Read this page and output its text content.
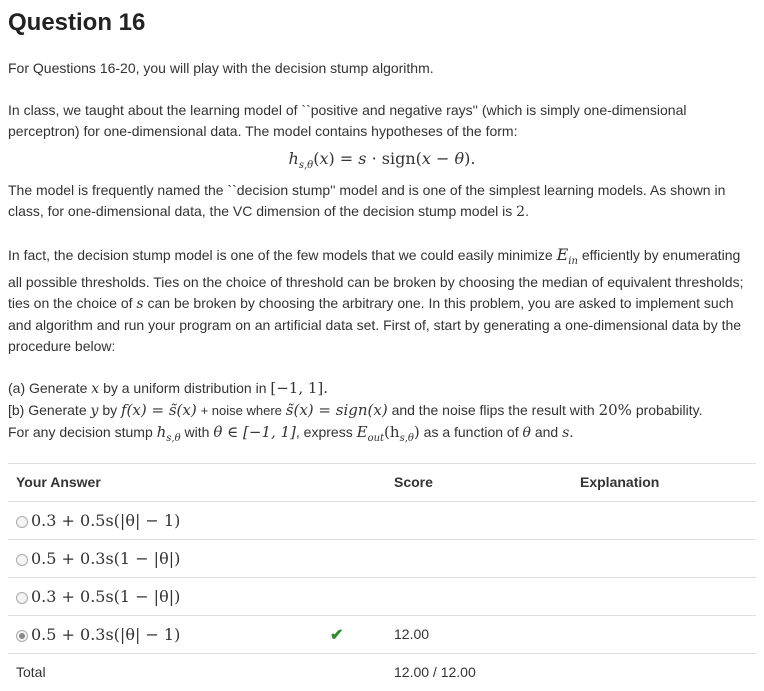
Question 16

For Questions 16-20, you will play with the decision stump algorithm.

In class, we taught about the learning model of ``positive and negative rays'' (which is simply one-dimensional perceptron) for one-dimensional data. The model contains hypotheses of the form:

$h_{s,\theta}(x) = s$ · sign(x − θ).

The model is frequently named the ``decision stump'' model and is one of the simplest learning models. As shown in class, for one-dimensional data, the VC dimension of the decision stump model is 2.

In fact, the decision stump model is one of the few models that we could easily minimize $E_{in}$ efficiently by enumerating all possible thresholds. Ties on the choice of threshold can be broken by choosing the median of equivalent thresholds; ties on the choice of s can be broken by choosing the arbitrary one. In this problem, you are asked to implement such and algorithm and run your program on an artificial data set. First of, start by generating a one-dimensional data by the procedure below:

(a) Generate x by a uniform distribution in [−1, 1].

[b) Generate y by f(x) = s̃(x) + noise where s̃(x) = sign(x) and the noise flips the result with 20% probability.

For any decision stump $h_{s,\theta}$ with θ ∈ [−1, 1], express $E_{out}(h_{s,\theta})$ as a function of θ and s.

Your Answer	Score	Explanation
0.3 + 0.5s(|θ| − 1)		
0.5 + 0.3s(1 − |θ|)		
0.3 + 0.5s(1 − |θ|)		
0.5 + 0.3s(|θ| − 1) ✔	12.00	
Total	12.00 / 12.00	
